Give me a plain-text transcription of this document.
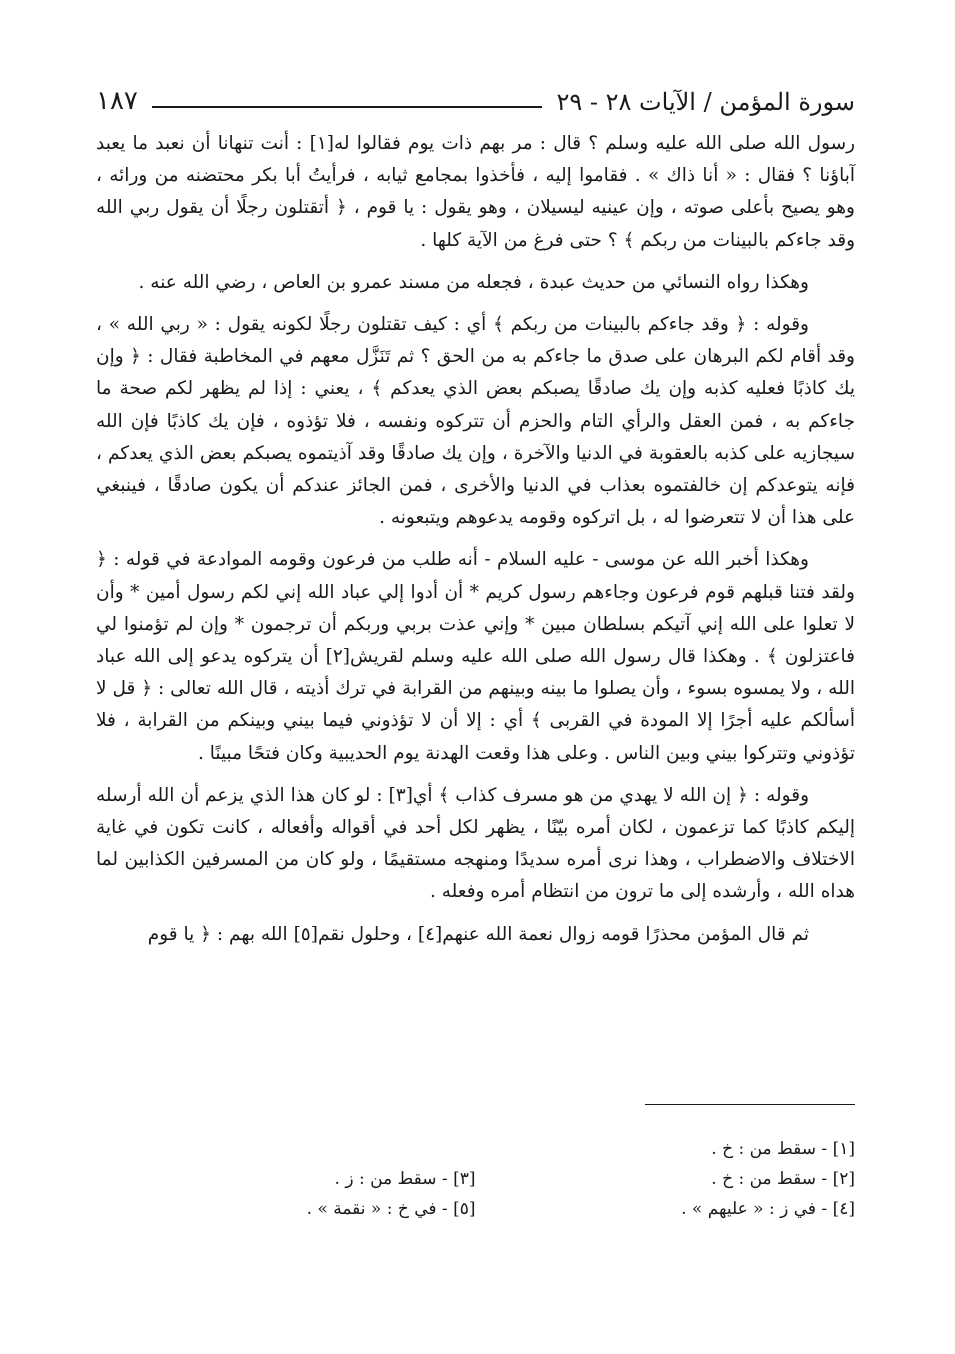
سورة المؤمن / الآيات ٢٨ - ٢٩
١٨٧

رسول الله صلى الله عليه وسلم ؟ قال : مر بهم ذات يوم فقالوا له[١] : أنت تنهانا أن نعبد ما يعبد آباؤنا ؟ فقال : « أنا ذاك » . فقاموا إليه ، فأخذوا بمجامع ثيابه ، فرأيتُ أبا بكر محتضنه من ورائه ، وهو يصيح بأعلى صوته ، وإن عينيه ليسيلان ، وهو يقول : يا قوم ، ﴿ أتقتلون رجلًا أن يقول ربي الله وقد جاءكم بالبينات من ربكم ﴾ ؟ حتى فرغ من الآية كلها .

وهكذا رواه النسائي من حديث عبدة ، فجعله من مسند عمرو بن العاص ، رضي الله عنه .

وقوله : ﴿ وقد جاءكم بالبينات من ربكم ﴾ أي : كيف تقتلون رجلًا لكونه يقول : « ربي الله » ، وقد أقام لكم البرهان على صدق ما جاءكم به من الحق ؟ ثم تَنَزَّل معهم في المخاطبة فقال : ﴿ وإن يك كاذبًا فعليه كذبه وإن يك صادقًا يصبكم بعض الذي يعدكم ﴾ ، يعني : إذا لم يظهر لكم صحة ما جاءكم به ، فمن العقل والرأي التام والحزم أن تتركوه ونفسه ، فلا تؤذوه ، فإن يك كاذبًا فإن الله سيجازيه على كذبه بالعقوبة في الدنيا والآخرة ، وإن يك صادقًا وقد آذيتموه يصبكم بعض الذي يعدكم ، فإنه يتوعدكم إن خالفتموه بعذاب في الدنيا والأخرى ، فمن الجائز عندكم أن يكون صادقًا ، فينبغي على هذا أن لا تتعرضوا له ، بل اتركوه وقومه يدعوهم ويتبعونه .

وهكذا أخبر الله عن موسى - عليه السلام - أنه طلب من فرعون وقومه الموادعة في قوله : ﴿ ولقد فتنا قبلهم قوم فرعون وجاءهم رسول كريم * أن أدوا إلي عباد الله إني لكم رسول أمين * وأن لا تعلوا على الله إني آتيكم بسلطان مبين * وإني عذت بربي وربكم أن ترجمون * وإن لم تؤمنوا لي فاعتزلون ﴾ . وهكذا قال رسول الله صلى الله عليه وسلم لقريش[٢] أن يتركوه يدعو إلى الله عباد الله ، ولا يمسوه بسوء ، وأن يصلوا ما بينه وبينهم من القرابة في ترك أذيته ، قال الله تعالى : ﴿ قل لا أسألكم عليه أجرًا إلا المودة في القربى ﴾ أي : إلا أن لا تؤذوني فيما بيني وبينكم من القرابة ، فلا تؤذوني وتتركوا بيني وبين الناس . وعلى هذا وقعت الهدنة يوم الحديبية وكان فتحًا مبينًا .

وقوله : ﴿ إن الله لا يهدي من هو مسرف كذاب ﴾ أي[٣] : لو كان هذا الذي يزعم أن الله أرسله إليكم كاذبًا كما تزعمون ، لكان أمره بيّنًا ، يظهر لكل أحد في أقواله وأفعاله ، كانت تكون في غاية الاختلاف والاضطراب ، وهذا نرى أمره سديدًا ومنهجه مستقيمًا ، ولو كان من المسرفين الكذابين لما هداه الله ، وأرشده إلى ما ترون من انتظام أمره وفعله .

ثم قال المؤمن محذرًا قومه زوال نعمة الله عنهم[٤] ، وحلول نقم[٥] الله بهم : ﴿ يا قوم

[١] - سقط من : خ .
[٢] - سقط من : خ .
[٣] - سقط من : ز .
[٤] - في ز : « عليهم » .
[٥] - في خ : « نقمة » .
